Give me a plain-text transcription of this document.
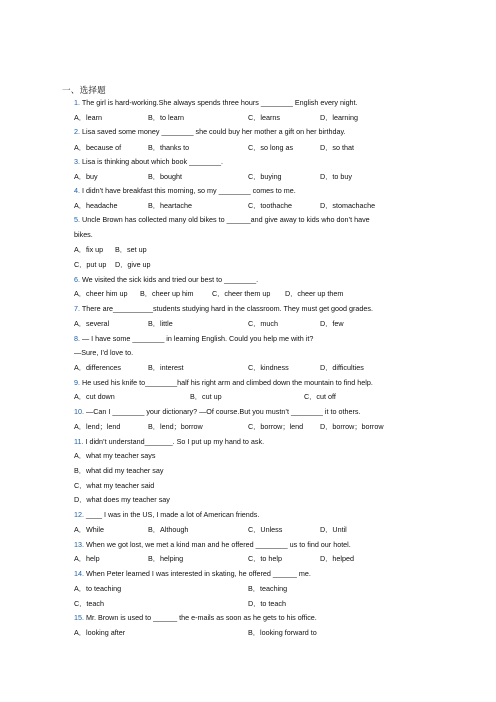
一、选择题
1. The girl is hard-working.She always spends three hours ________ English every night.
A．learn	B．to learn	C．learns	D．learning
2. Lisa saved some money ________ she could buy her mother a gift on her birthday.
A．because of	B．thanks to	C．so long as	D．so that
3. Lisa is thinking about which book ________.
A．buy	B．bought	C．buying	D．to buy
4. I didn’t have breakfast this morning, so my ________ comes to me.
A．headache	B．heartache	C．toothache	D．stomachache
5. Uncle Brown has collected many old bikes to ______and give away to kids who don’t have
bikes.
A．fix up B．set up
C．put up D．give up
6. We visited the sick kids and tried our best to ________.
A．cheer him up B．cheer up him	C．cheer them up D．cheer up them
7. There are__________students studying hard in the classroom. They must get good grades.
A．several	B．little	C．much	D．few
8. — I have some ________ in learning English. Could you help me with it?
—Sure, I’d love to.
A．differences	B．interest	C．kindness	D．difficulties
9. He used his knife to________half his right arm and climbed down the mountain to find help.
A．cut down	B．cut up	C．cut off
10. —Can I ________ your dictionary? —Of course.But you mustn’t ________ it to others.
A．lend；lend	B．lend；borrow	C．borrow；lend D．borrow；borrow
11. I didn’t understand_______. So I put up my hand to ask.
A．what my teacher says
B．what did my teacher say
C．what my teacher said
D．what does my teacher say
12. ____ I was in the US, I made a lot of American friends.
A．While	B．Although	C．Unless	D．Until
13. When we got lost, we met a kind man and he offered ________ us to find our hotel.
A．help	B．helping	C．to help	D．helped
14. When Peter learned I was interested in skating, he offered ______ me.
A．to teaching	B．teaching
C．teach	D．to teach
15. Mr. Brown is used to ______ the e-mails as soon as he gets to his office.
A．looking after	B．looking forward to
